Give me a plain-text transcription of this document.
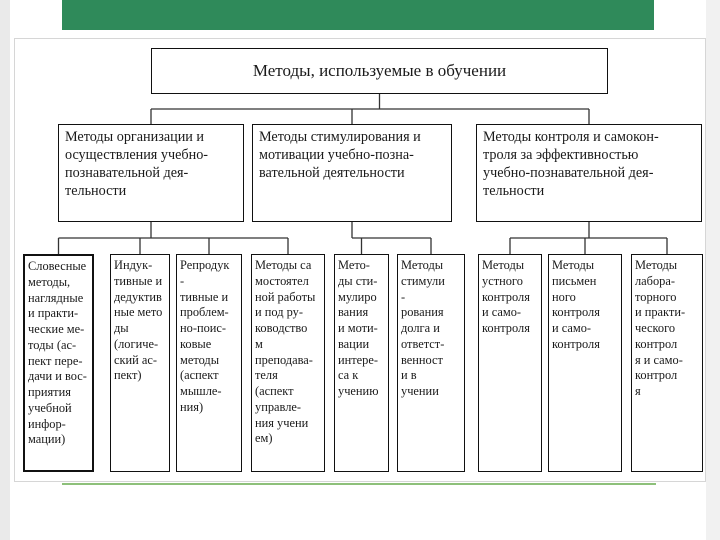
Методы, используемые в обучении
Методы организации и
осуществления учебно-
познавательной дея-
тельности
Методы стимулирования и
мотивации учебно-позна-
вательной деятельности
Методы контроля и самокон-
троля за эффективностью
учебно-познавательной дея-
тельности
Словесные
методы,
наглядные
и практи-
ческие ме-
тоды (ас-
пект пере-
дачи и вос-
приятия
учебной
инфор-
мации)
Индук-
тивные и
дедуктив
ные мето
ды
(логиче-
ский ас-
пект)
Репродук
-
тивные и
проблем-
но-поис-
ковые
методы
(аспект
мышле-
ния)
Методы са
мостоятел
ной работы
и под ру-
ководство
м
преподава-
теля
(аспект
управле-
ния учени
ем)
Мето-
ды сти-
мулиро
вания
и моти-
вации
интере-
са к
учению
Методы
стимули
-
рования
долга и
ответст-
венност
и в
учении
Методы
устного
контроля
и само-
контроля
Методы
письмен
ного
контроля
и само-
контроля
Методы
лабора-
торного
и практи-
ческого
контрол
я и само-
контрол
я
